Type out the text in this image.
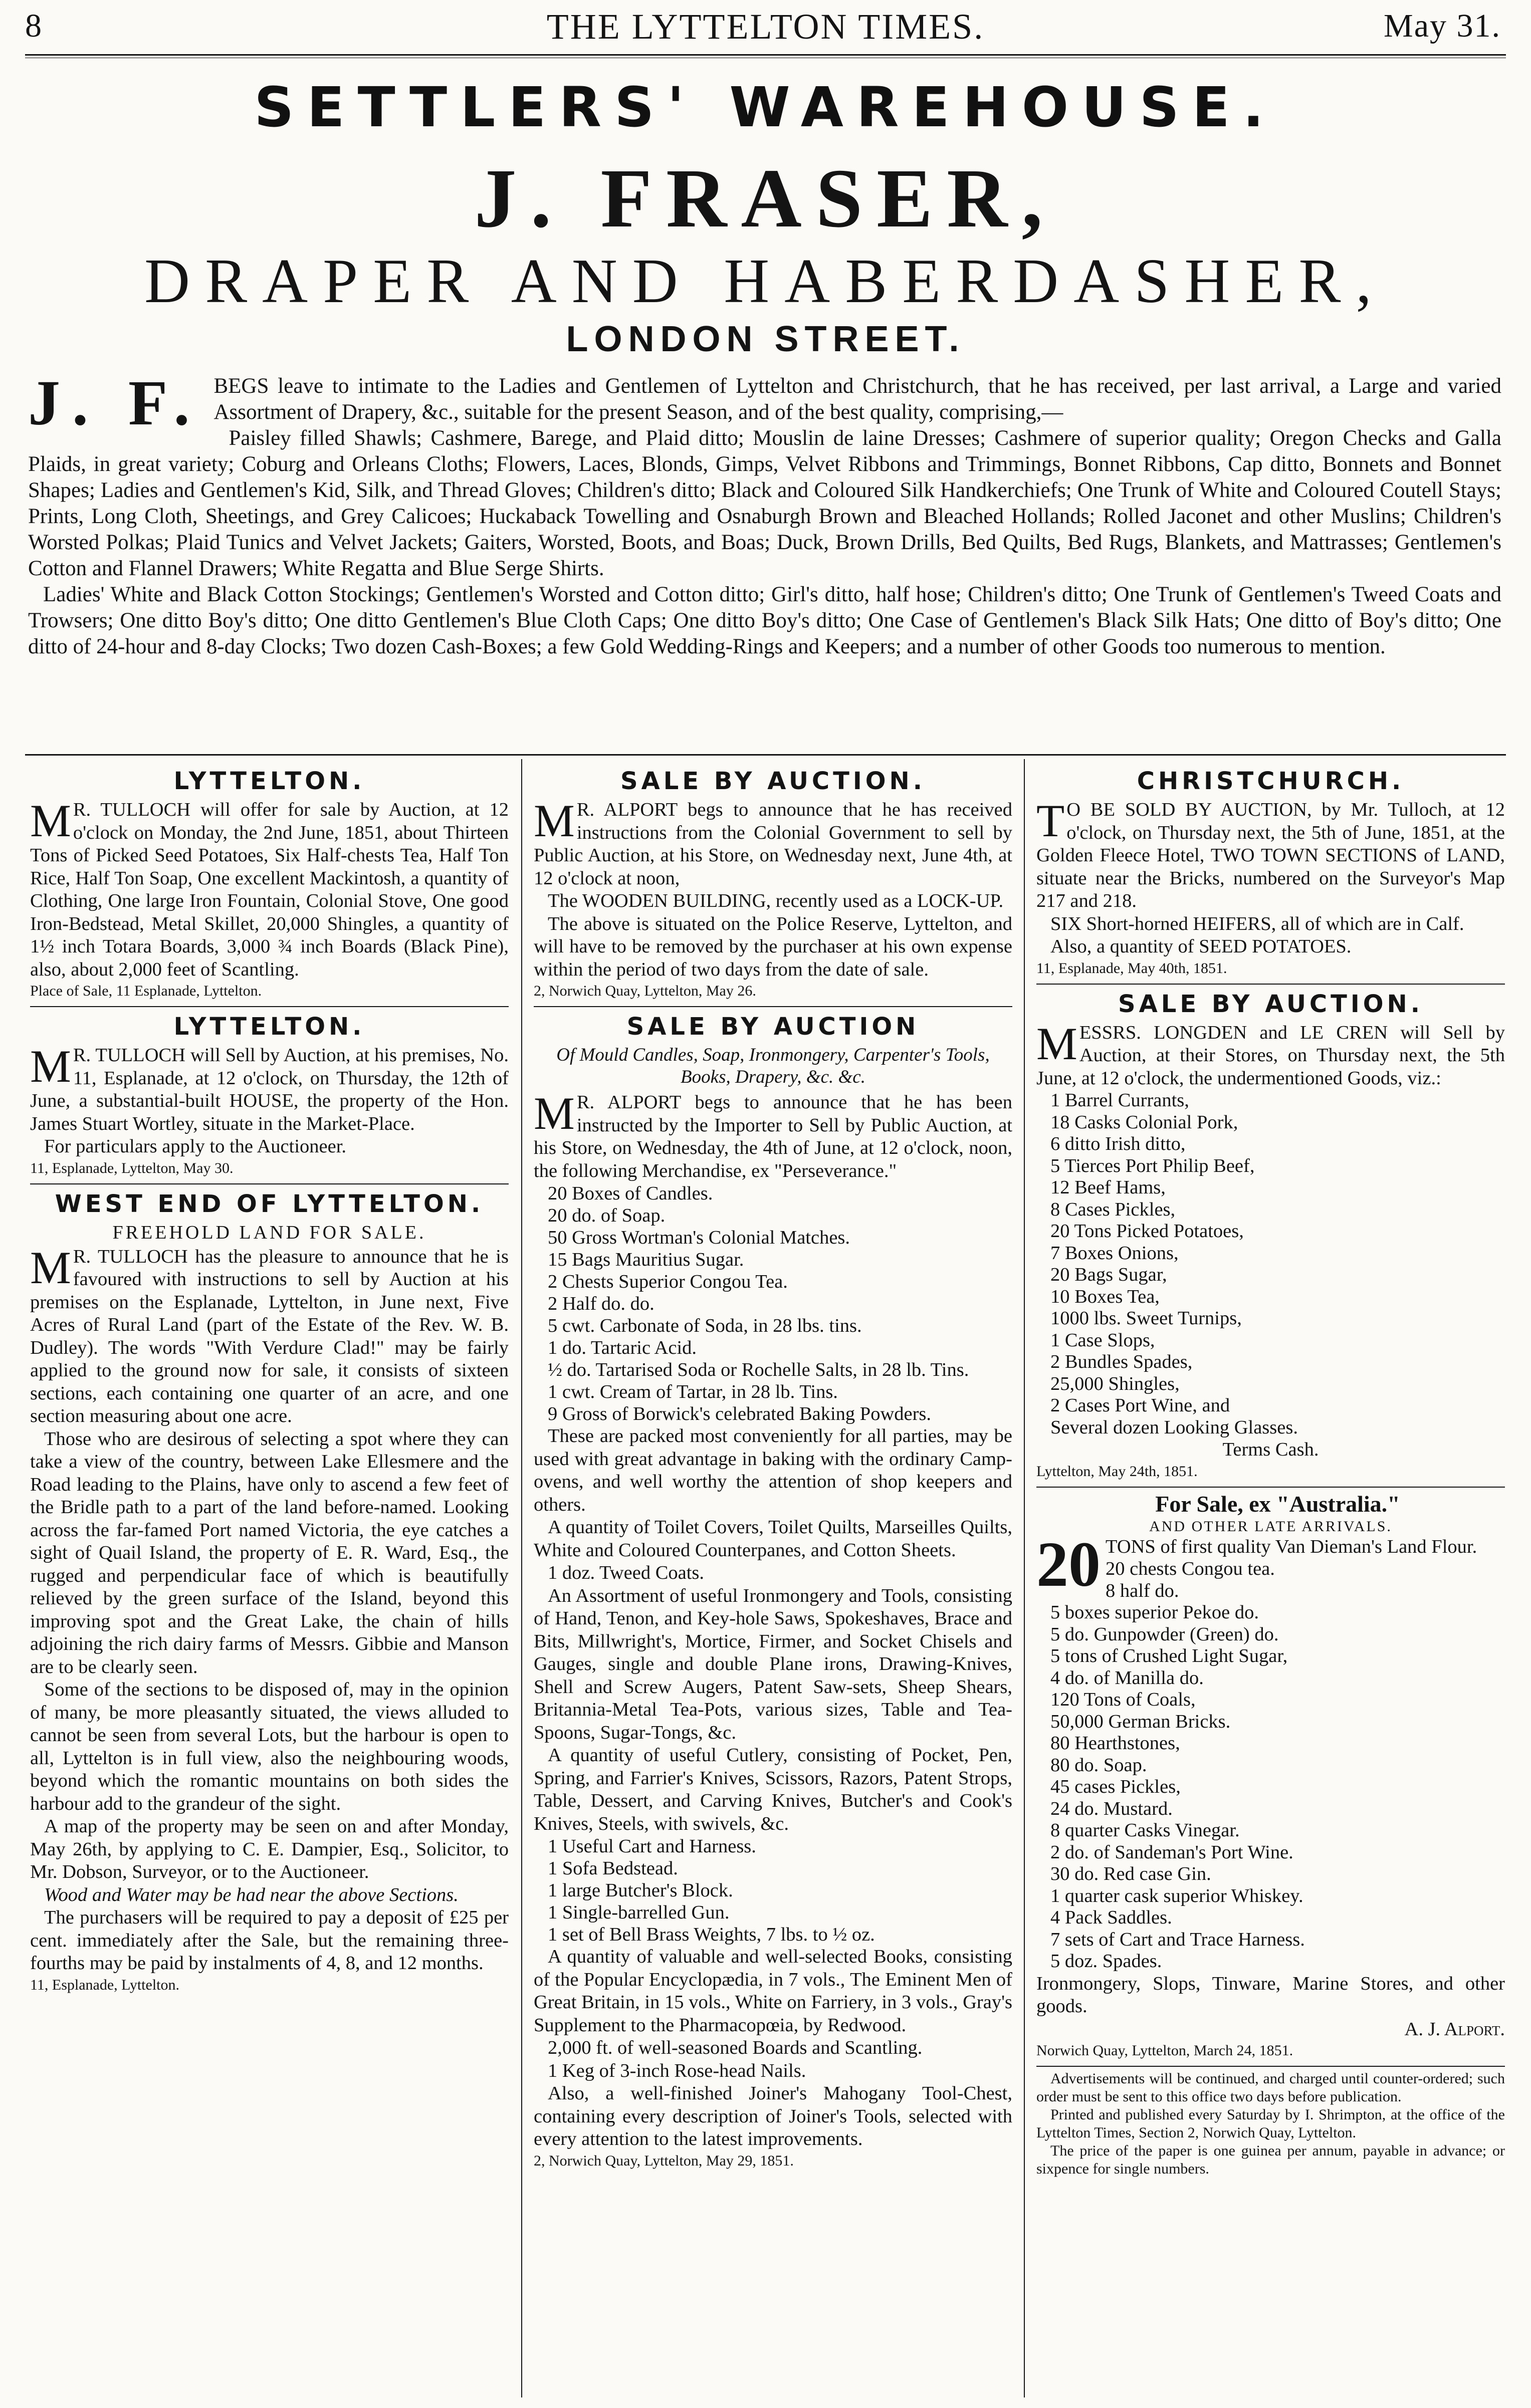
8	THE LYTTELTON TIMES.	May 31.
SETTLERS' WAREHOUSE.
J. FRASER,
DRAPER AND HABERDASHER,
LONDON STREET.
J. F. BEGS leave to intimate to the Ladies and Gentlemen of Lyttelton and Christchurch, that he has received, per last arrival, a Large and varied Assortment of Drapery, &c., suitable for the present Season, and of the best quality, comprising,—

Paisley filled Shawls; Cashmere, Barege, and Plaid ditto; Mouslin de laine Dresses; Cashmere of superior quality; Oregon Checks and Galla Plaids, in great variety; Coburg and Orleans Cloths; Flowers, Laces, Blonds, Gimps, Velvet Ribbons and Trimmings, Bonnet Ribbons, Cap ditto, Bonnets and Bonnet Shapes; Ladies and Gentlemen's Kid, Silk, and Thread Gloves; Children's ditto; Black and Coloured Silk Handkerchiefs; One Trunk of White and Coloured Coutell Stays; Prints, Long Cloth, Sheetings, and Grey Calicoes; Huckaback Towelling and Osnaburgh Brown and Bleached Hollands; Rolled Jaconet and other Muslins; Children's Worsted Polkas; Plaid Tunics and Velvet Jackets; Gaiters, Worsted, Boots, and Boas; Duck, Brown Drills, Bed Quilts, Bed Rugs, Blankets, and Mattrasses; Gentlemen's Cotton and Flannel Drawers; White Regatta and Blue Serge Shirts.

Ladies' White and Black Cotton Stockings; Gentlemen's Worsted and Cotton ditto; Girl's ditto, half hose; Children's ditto; One Trunk of Gentlemen's Tweed Coats and Trowsers; One ditto Boy's ditto; One ditto Gentlemen's Blue Cloth Caps; One ditto Boy's ditto; One Case of Gentlemen's Black Silk Hats; One ditto of Boy's ditto; One ditto of 24-hour and 8-day Clocks; Two dozen Cash-Boxes; a few Gold Wedding-Rings and Keepers; and a number of other Goods too numerous to mention.

LYTTELTON.

M R. TULLOCH will offer for sale by Auction, at 12 o'clock on Monday, the 2nd June, 1851, about Thirteen Tons of Picked Seed Potatoes, Six Half-chests Tea, Half Ton Rice, Half Ton Soap, One excellent Mackintosh, a quantity of Clothing, One large Iron Fountain, Colonial Stove, One good Iron-Bedstead, Metal Skillet, 20,000 Shingles, a quantity of 1½ inch Totara Boards, 3,000 ¾ inch Boards (Black Pine), also, about 2,000 feet of Scantling.

Place of Sale, 11 Esplanade, Lyttelton.

LYTTELTON.

M R. TULLOCH will Sell by Auction, at his premises, No. 11, Esplanade, at 12 o'clock, on Thursday, the 12th of June, a substantial-built HOUSE, the property of the Hon. James Stuart Wortley, situate in the Market-Place.

For particulars apply to the Auctioneer.

11, Esplanade, Lyttelton, May 30.

WEST END OF LYTTELTON.
FREEHOLD LAND FOR SALE.

M R. TULLOCH has the pleasure to announce that he is favoured with instructions to sell by Auction at his premises on the Esplanade, Lyttelton, in June next, Five Acres of Rural Land (part of the Estate of the Rev. W. B. Dudley). The words "With Verdure Clad!" may be fairly applied to the ground now for sale, it consists of sixteen sections, each containing one quarter of an acre, and one section measuring about one acre.

Those who are desirous of selecting a spot where they can take a view of the country, between Lake Ellesmere and the Road leading to the Plains, have only to ascend a few feet of the Bridle path to a part of the land before-named. Looking across the far-famed Port named Victoria, the eye catches a sight of Quail Island, the property of E. R. Ward, Esq., the rugged and perpendicular face of which is beautifully relieved by the green surface of the Island, beyond this improving spot and the Great Lake, the chain of hills adjoining the rich dairy farms of Messrs. Gibbie and Manson are to be clearly seen.

Some of the sections to be disposed of, may in the opinion of many, be more pleasantly situated, the views alluded to cannot be seen from several Lots, but the harbour is open to all, Lyttelton is in full view, also the neighbouring woods, beyond which the romantic mountains on both sides the harbour add to the grandeur of the sight.

A map of the property may be seen on and after Monday, May 26th, by applying to C. E. Dampier, Esq., Solicitor, to Mr. Dobson, Surveyor, or to the Auctioneer.

Wood and Water may be had near the above Sections.

The purchasers will be required to pay a deposit of £25 per cent. immediately after the Sale, but the remaining three-fourths may be paid by instalments of 4, 8, and 12 months.

11, Esplanade, Lyttelton.

SALE BY AUCTION.

M R. ALPORT begs to announce that he has received instructions from the Colonial Government to sell by Public Auction, at his Store, on Wednesday next, June 4th, at 12 o'clock at noon,

The WOODEN BUILDING, recently used as a LOCK-UP.

The above is situated on the Police Reserve, Lyttelton, and will have to be removed by the purchaser at his own expense within the period of two days from the date of sale.

2, Norwich Quay, Lyttelton, May 26.

SALE BY AUCTION
Of Mould Candles, Soap, Ironmongery, Carpenter's Tools, Books, Drapery, &c. &c.

M R. ALPORT begs to announce that he has been instructed by the Importer to Sell by Public Auction, at his Store, on Wednesday, the 4th of June, at 12 o'clock, noon, the following Merchandise, ex "Perseverance."

20 Boxes of Candles.
20 do. of Soap.
50 Gross Wortman's Colonial Matches.
15 Bags Mauritius Sugar.
2 Chests Superior Congou Tea.
2 Half do. do.
5 cwt. Carbonate of Soda, in 28 lbs. tins.
1 do. Tartaric Acid.
½ do. Tartarised Soda or Rochelle Salts, in 28 lb. Tins.
1 cwt. Cream of Tartar, in 28 lb. Tins.
9 Gross of Borwick's celebrated Baking Powders.

These are packed most conveniently for all parties, may be used with great advantage in baking with the ordinary Camp-ovens, and well worthy the attention of shop keepers and others.

A quantity of Toilet Covers, Toilet Quilts, Marseilles Quilts, White and Coloured Counterpanes, and Cotton Sheets.

1 doz. Tweed Coats.

An Assortment of useful Ironmongery and Tools, consisting of Hand, Tenon, and Key-hole Saws, Spokeshaves, Brace and Bits, Millwright's, Mortice, Firmer, and Socket Chisels and Gauges, single and double Plane irons, Drawing-Knives, Shell and Screw Augers, Patent Saw-sets, Sheep Shears, Britannia-Metal Tea-Pots, various sizes, Table and Tea-Spoons, Sugar-Tongs, &c.

A quantity of useful Cutlery, consisting of Pocket, Pen, Spring, and Farrier's Knives, Scissors, Razors, Patent Strops, Table, Dessert, and Carving Knives, Butcher's and Cook's Knives, Steels, with swivels, &c.

1 Useful Cart and Harness.
1 Sofa Bedstead.
1 large Butcher's Block.
1 Single-barrelled Gun.
1 set of Bell Brass Weights, 7 lbs. to ½ oz.

A quantity of valuable and well-selected Books, consisting of the Popular Encyclopædia, in 7 vols., The Eminent Men of Great Britain, in 15 vols., White on Farriery, in 3 vols., Gray's Supplement to the Pharmacopœia, by Redwood.

2,000 ft. of well-seasoned Boards and Scantling.

1 Keg of 3-inch Rose-head Nails.

Also, a well-finished Joiner's Mahogany Tool-Chest, containing every description of Joiner's Tools, selected with every attention to the latest improvements.

2, Norwich Quay, Lyttelton, May 29, 1851.

CHRISTCHURCH.

T O BE SOLD BY AUCTION, by Mr. Tulloch, at 12 o'clock, on Thursday next, the 5th of June, 1851, at the Golden Fleece Hotel, TWO TOWN SECTIONS of LAND, situate near the Bricks, numbered on the Surveyor's Map 217 and 218.

SIX Short-horned HEIFERS, all of which are in Calf.

Also, a quantity of SEED POTATOES.

11, Esplanade, May 40th, 1851.

SALE BY AUCTION.

MESSRS. LONGDEN and LE CREN will Sell by Auction, at their Stores, on Thursday next, the 5th June, at 12 o'clock, the undermentioned Goods, viz.:

1 Barrel Currants,
18 Casks Colonial Pork,
6 ditto Irish ditto,
5 Tierces Port Philip Beef,
12 Beef Hams,
8 Cases Pickles,
20 Tons Picked Potatoes,
7 Boxes Onions,
20 Bags Sugar,
10 Boxes Tea,
1000 lbs. Sweet Turnips,
1 Case Slops,
2 Bundles Spades,
25,000 Shingles,
2 Cases Port Wine, and
Several dozen Looking Glasses.

Terms Cash.

Lyttelton, May 24th, 1851.

For Sale, ex "Australia."

AND OTHER LATE ARRIVALS.

20 TONS of first quality Van Dieman's Land Flour.

20 chests Congou tea.
8 half do.
5 boxes superior Pekoe do.
5 do. Gunpowder (Green) do.
5 tons of Crushed Light Sugar,
4 do. of Manilla do.
120 Tons of Coals,
50,000 German Bricks.
80 Hearthstones,
80 do. Soap.
45 cases Pickles,
24 do. Mustard.
8 quarter Casks Vinegar.
2 do. of Sandeman's Port Wine.
30 do. Red case Gin.
1 quarter cask superior Whiskey.
4 Pack Saddles.
7 sets of Cart and Trace Harness.
5 doz. Spades.

Ironmongery, Slops, Tinware, Marine Stores, and other goods.

A. J. Alport.

Norwich Quay, Lyttelton, March 24, 1851.

Advertisements will be continued, and charged until counter-ordered; such order must be sent to this office two days before publication.

Printed and published every Saturday by I. Shrimpton, at the office of the Lyttelton Times, Section 2, Norwich Quay, Lyttelton.

The price of the paper is one guinea per annum, payable in advance; or sixpence for single numbers.
